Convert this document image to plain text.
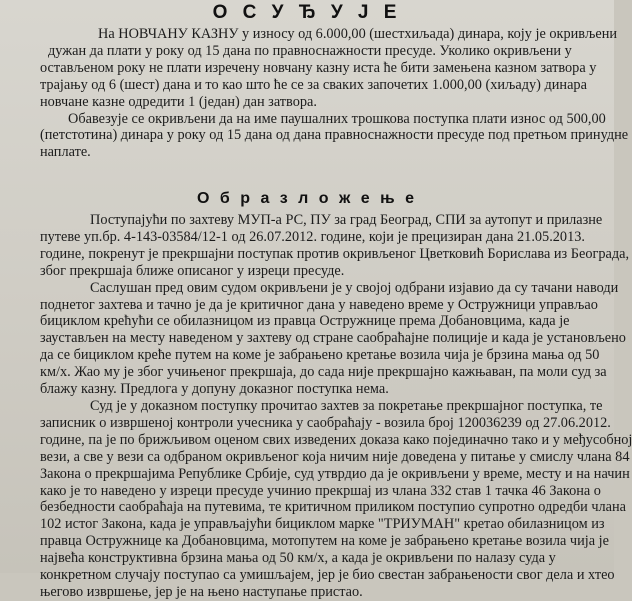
О С У Ђ У Ј Е
На НОВЧАНУ КАЗНУ у износу од 6.000,00 (шестхиљада) динара, коју је окривљени
дужан да плати у року од 15 дана по правноснажности пресуде. Уколико окривљени у
остављеном року не плати изречену новчану казну иста ће бити замењена казном затвора у
трајању од 6 (шест) дана и то као што ће се за сваких започетих 1.000,00 (хиљаду) динара
новчане казне одредити 1 (један) дан затвора.
Обавезује се окривљени да на име паушалних трошкова поступка плати износ од 500,00
(петстотина) динара у року од 15 дана од дана правноснажности пресуде под претњом принудне
наплате.
О б р а з л о ж е њ е
Поступајући по захтеву МУП-а РС, ПУ за град Београд, СПИ за аутопут и прилазне
путеве уп.бр. 4-143-03584/12-1 од 26.07.2012. године, који је прецизиран дана 21.05.2013.
године, покренут је прекршајни поступак против окривљеног Цветковић Борислава из Београда,
због прекршаја ближе описаног у изреци пресуде.
Саслушан пред овим судом окривљени је у својој одбрани изјавио да су тачани наводи
поднетог захтева и тачно је да је критичног дана у наведено време у Остружници управљао
бициклом крећући се обилазницом из правца Остружнице према Добановцима, када је
заустављен на месту наведеном у захтеву од стране саобраћајне полиције и када је установљено
да се бициклом креће путем на коме је забрањено кретање возила чија је брзина мања од 50
км/х. Жао му је због учињеног прекршаја, до сада није прекршајно кажњаван, па моли суд за
блажу казну. Предлога у допуну доказног поступка нема.
Суд је у доказном поступку прочитао захтев за покретање прекршајног поступка, те
записник о извршеној контроли учесника у саобраћају - возила број 120036239 од 27.06.2012.
године, па је по брижљивом оценом свих изведених доказа како појединачно тако и у међусобној
вези, а све у вези са одбраном окривљеног која ничим није доведена у питање у смислу члана 84
Закона о прекршајима Републике Србије, суд утврдио да је окривљени у време, месту и на начин
како је то наведено у изреци пресуде учинио прекршај из члана 332 став 1 тачка 46 Закона о
безбедности саобраћаја на путевима, те критичном приликом поступио супротно одредби члана
102 истог Закона, када је управљајући бициклом марке "ТРИУМАН" кретао обилазницом из
правца Остружнице ка Добановцима, мотопутем на коме је забрањено кретање возила чија је
највећа конструктивна брзина мања од 50 км/х, а када је окривљени по налазу суда у
конкретном случају поступао са умишљајем, јер је био свестан забрањености свог дела и хтео
његово извршење, јер је на њено наступање пристао.
